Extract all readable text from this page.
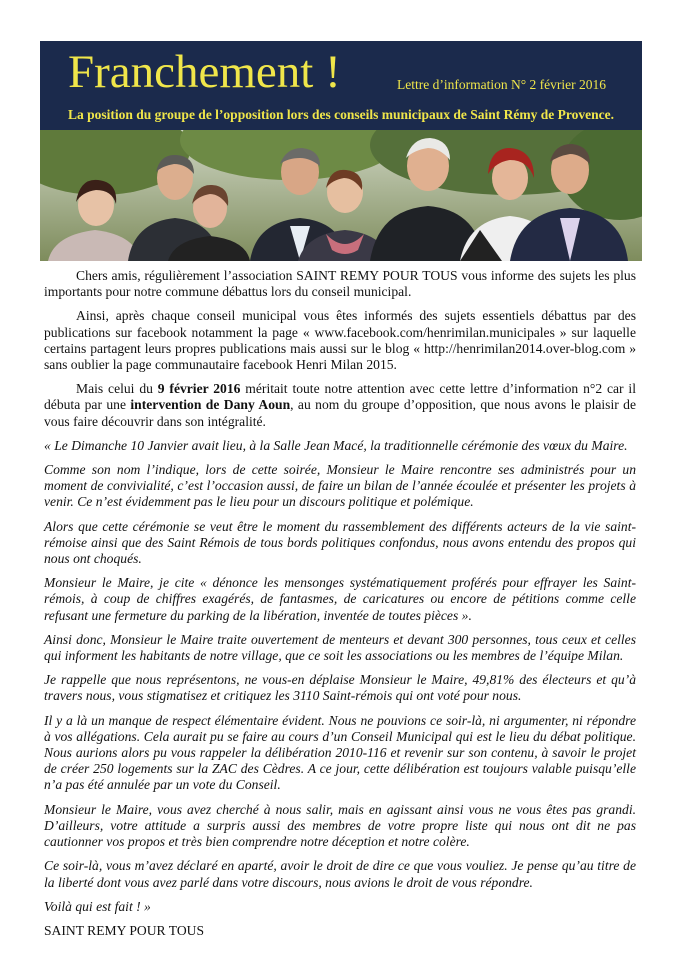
Franchement !	Lettre d’information N° 2 février 2016
La position du groupe de l’opposition lors des conseils municipaux de Saint Rémy de Provence.

Chers amis, régulièrement l’association SAINT REMY POUR TOUS vous informe des sujets les plus importants pour notre commune débattus lors du conseil municipal.

Ainsi, après chaque conseil municipal vous êtes informés des sujets essentiels débattus par des publications sur facebook notamment la page « www.facebook.com/henrimilan.municipales » sur laquelle certains partagent leurs propres publications mais aussi sur le blog « http://henrimilan2014.over-blog.com » sans oublier la page communautaire facebook Henri Milan 2015.

Mais celui du 9 février 2016 méritait toute notre attention avec cette lettre d’information n°2 car il débuta par une intervention de Dany Aoun, au nom du groupe d’opposition, que nous avons le plaisir de vous faire découvrir dans son intégralité.

« Le Dimanche 10 Janvier avait lieu, à la Salle Jean Macé, la traditionnelle cérémonie des vœux du Maire.

Comme son nom l’indique, lors de cette soirée, Monsieur le Maire rencontre ses administrés pour un moment de convivialité, c’est l’occasion aussi, de faire un bilan de l’année écoulée et présenter les projets à venir. Ce n’est évidemment pas le lieu pour un discours politique et polémique.

Alors que cette cérémonie se veut être le moment du rassemblement des différents acteurs de la vie saint-rémoise ainsi que des Saint Rémois de tous bords politiques confondus, nous avons entendu des propos qui nous ont choqués.

Monsieur le Maire, je cite « dénonce les mensonges systématiquement proférés pour effrayer les Saint-rémois, à coup de chiffres exagérés, de fantasmes, de caricatures ou encore de pétitions comme celle refusant une fermeture du parking de la libération, inventée de toutes pièces ».

Ainsi donc, Monsieur le Maire traite ouvertement de menteurs et devant 300 personnes, tous ceux et celles qui informent les habitants de notre village, que ce soit les associations ou les membres de l’équipe Milan.

Je rappelle que nous représentons, ne vous-en déplaise Monsieur le Maire, 49,81% des électeurs et qu’à travers nous, vous stigmatisez et critiquez les 3110 Saint-rémois qui ont voté pour nous.

Il y a là un manque de respect élémentaire évident. Nous ne pouvions ce soir-là, ni argumenter, ni répondre à vos allégations. Cela aurait pu se faire au cours d’un Conseil Municipal qui est le lieu du débat politique. Nous aurions alors pu vous rappeler la délibération 2010-116 et revenir sur son contenu, à savoir le projet de créer 250 logements sur la ZAC des Cèdres. A ce jour, cette délibération est toujours valable puisqu’elle n’a pas été annulée par un vote du Conseil.

Monsieur le Maire, vous avez cherché à nous salir, mais en agissant ainsi vous ne vous êtes pas grandi. D’ailleurs, votre attitude a surpris aussi des membres de votre propre liste qui nous ont dit ne pas cautionner vos propos et très bien comprendre notre déception et notre colère.

Ce soir-là, vous m’avez déclaré en aparté, avoir le droit de dire ce que vous vouliez. Je pense qu’au titre de la liberté dont vous avez parlé dans votre discours, nous avions le droit de vous répondre.

Voilà qui est fait ! »

SAINT REMY POUR TOUS
